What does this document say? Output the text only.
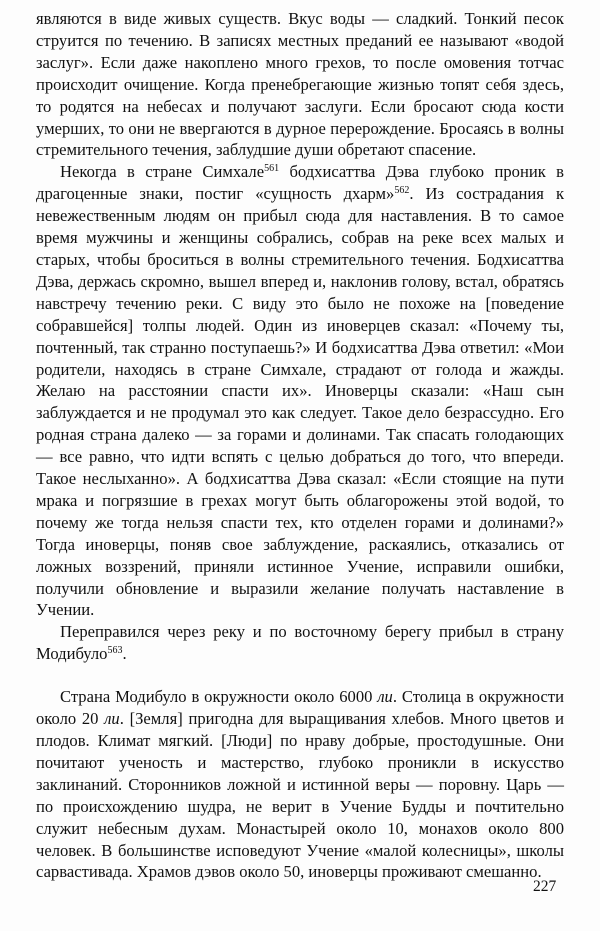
являются в виде живых существ. Вкус воды — сладкий. Тонкий песок струится по течению. В записях местных преданий ее называют «водой заслуг». Если даже накоплено много грехов, то после омовения тотчас происходит очищение. Когда пренебрегающие жизнью топят себя здесь, то родятся на небесах и получают заслуги. Если бросают сюда кости умерших, то они не ввергаются в дурное перерождение. Бросаясь в волны стремительного течения, заблудшие души обретают спасение.

Некогда в стране Симхале$^{561}$ бодхисаттва Дэва глубоко проник в драгоценные знаки, постиг «сущность дхарм»$^{562}$. Из сострадания к невежественным людям он прибыл сюда для наставления. В то самое время мужчины и женщины собрались, собрав на реке всех малых и старых, чтобы броситься в волны стремительного течения. Бодхисаттва Дэва, держась скромно, вышел вперед и, наклонив голову, встал, обратясь навстречу течению реки. С виду это было не похоже на [поведение собравшейся] толпы людей. Один из иноверцев сказал: «Почему ты, почтенный, так странно поступаешь?» И бодхисаттва Дэва ответил: «Мои родители, находясь в стране Симхале, страдают от голода и жажды. Желаю на расстоянии спасти их». Иноверцы сказали: «Наш сын заблуждается и не продумал это как следует. Такое дело безрассудно. Его родная страна далеко — за горами и долинами. Так спасать голодающих — все равно, что идти вспять с целью добраться до того, что впереди. Такое неслыханно». А бодхисаттва Дэва сказал: «Если стоящие на пути мрака и погрязшие в грехах могут быть облагорожены этой водой, то почему же тогда нельзя спасти тех, кто отделен горами и долинами?» Тогда иноверцы, поняв свое заблуждение, раскаялись, отказались от ложных воззрений, приняли истинное Учение, исправили ошибки, получили обновление и выразили желание получать наставление в Учении.

Переправился через реку и по восточному берегу прибыл в страну Модибуло$^{563}$.

Страна Модибуло в окружности около 6000 ли. Столица в окружности около 20 ли. [Земля] пригодна для выращивания хлебов. Много цветов и плодов. Климат мягкий. [Люди] по нраву добрые, простодушные. Они почитают ученость и мастерство, глубоко проникли в искусство заклинаний. Сторонников ложной и истинной веры — поровну. Царь — по происхождению шудра, не верит в Учение Будды и почтительно служит небесным духам. Монастырей около 10, монахов около 800 человек. В большинстве исповедуют Учение «малой колесницы», школы сарвастивада. Храмов дэвов около 50, иноверцы проживают смешанно.

227
